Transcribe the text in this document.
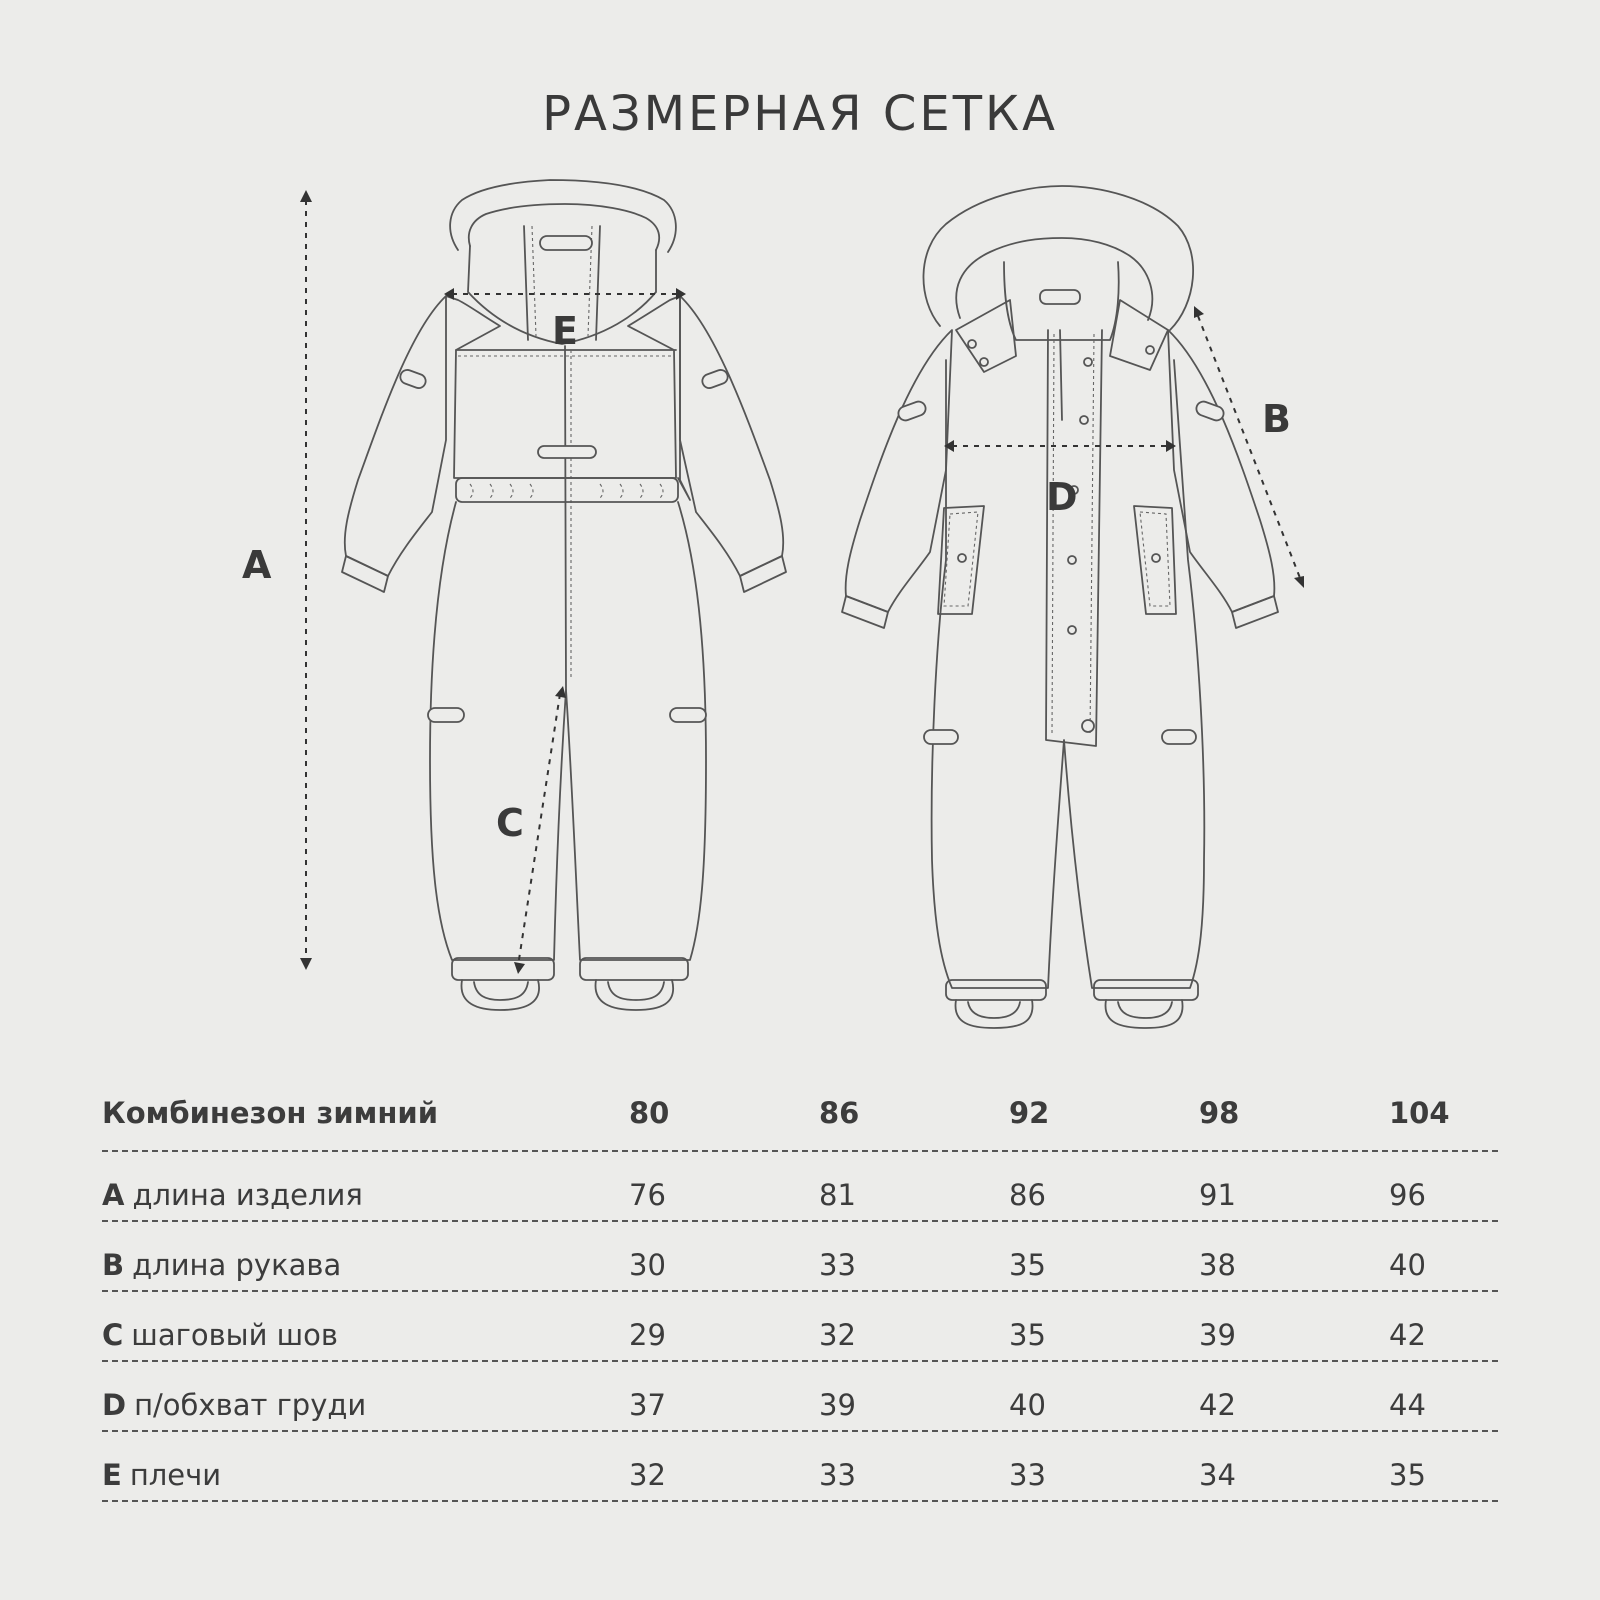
РАЗМЕРНАЯ СЕТКА
A
E
C
D
B
Комбинезон зимний	80	86	92	98	104
A длина изделия	76	81	86	91	96
B длина рукава	30	33	35	38	40
C шаговый шов	29	32	35	39	42
D п/обхват груди	37	39	40	42	44
E плечи	32	33	33	34	35
